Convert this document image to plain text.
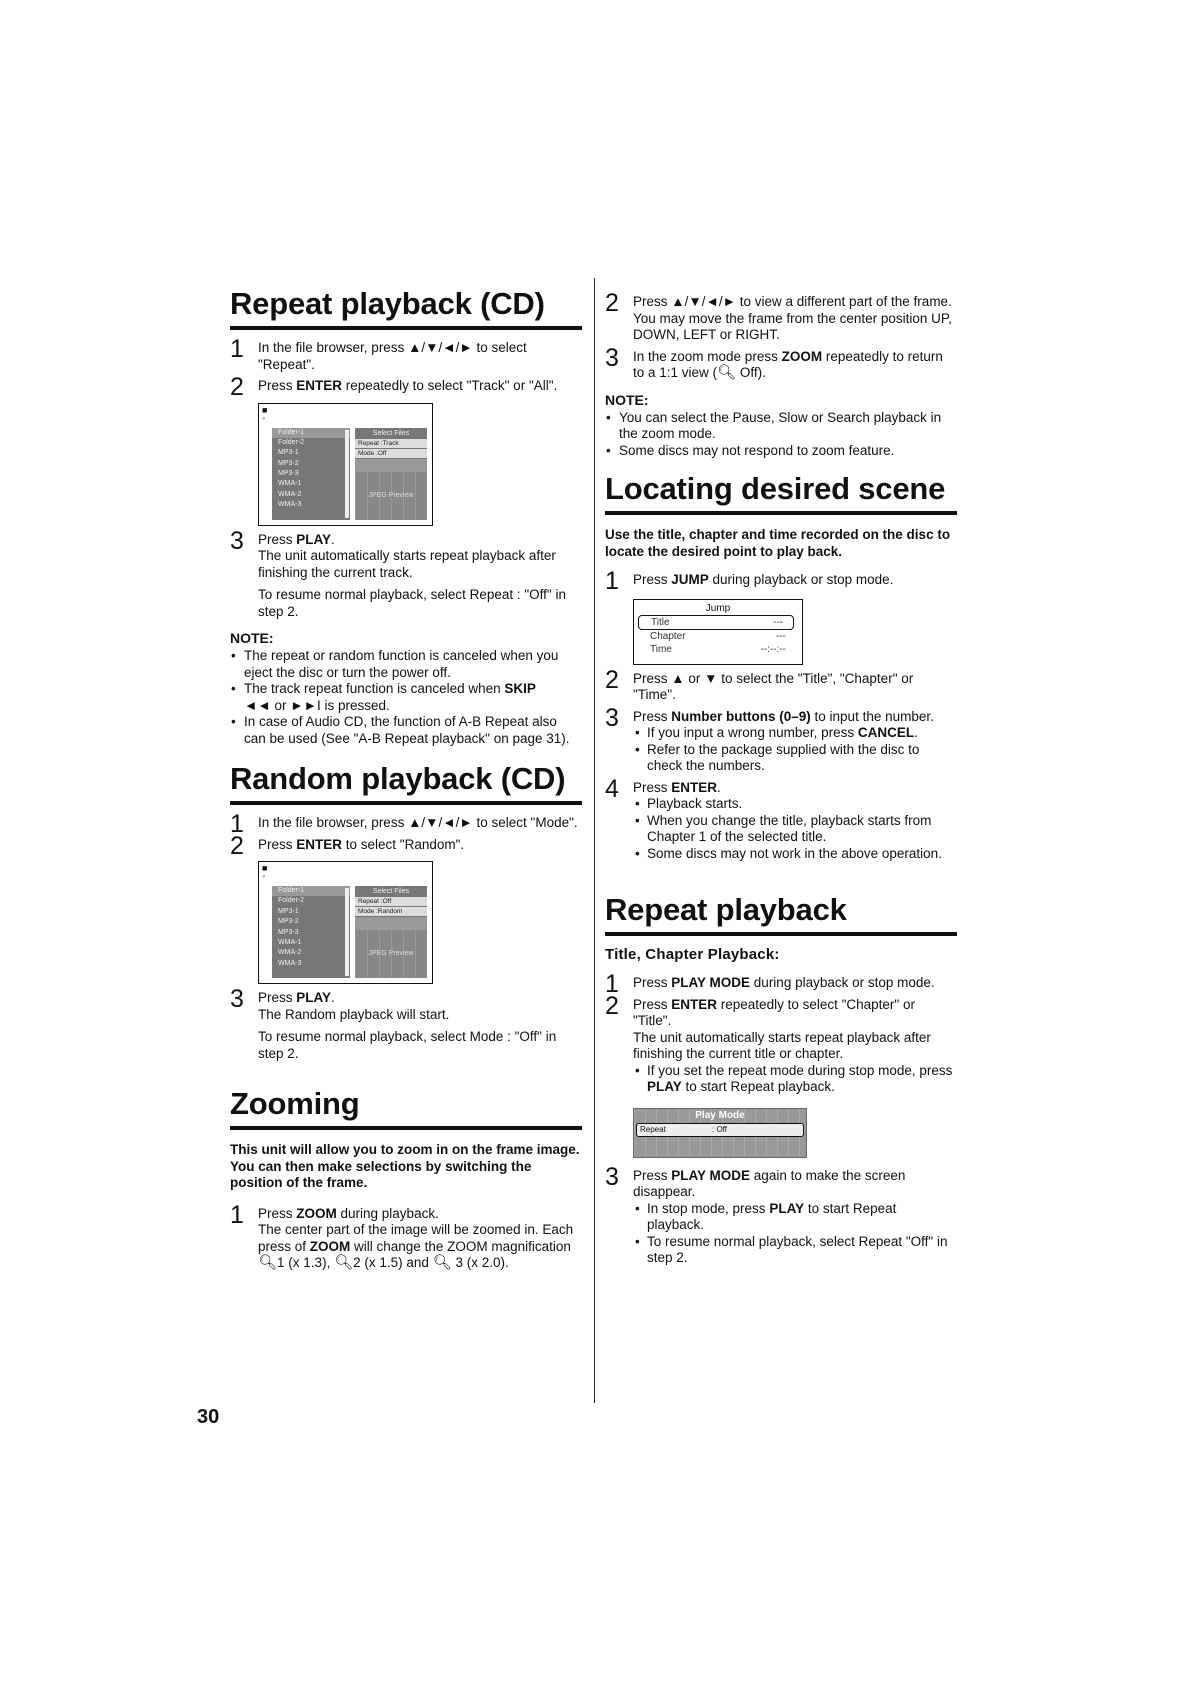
Repeat playback (CD)
1 In the file browser, press ▲/▼/◄/► to select "Repeat".

2 Press ENTER repeatedly to select "Track" or "All".

■
◦
Folder-1
Folder-2
MP3-1
MP3-2
MP3-3
WMA-1
WMA-2
WMA-3
Select Files
Repeat :Track
Mode :Off
JPEG Preview
3 Press PLAY.

The unit automatically starts repeat playback after finishing the current track.

To resume normal playback, select Repeat : "Off" in step 2.

NOTE:
• The repeat or random function is canceled when you eject the disc or turn the power off.
• The track repeat function is canceled when SKIP
◄◄ or ►►I is pressed.
• In case of Audio CD, the function of A-B Repeat also can be used (See "A-B Repeat playback" on page 31).
Random playback (CD)
1 In the file browser, press ▲/▼/◄/► to select "Mode".

2 Press ENTER to select "Random".

■
◦
Folder-1
Folder-2
MP3-1
MP3-2
MP3-3
WMA-1
WMA-2
WMA-3
Select Files
Repeat :Off
Mode :Random
JPEG Preview
3 Press PLAY.

The Random playback will start.

To resume normal playback, select Mode : "Off" in step 2.

Zooming
This unit will allow you to zoom in on the frame image. You can then make selections by switching the position of the frame.
1 Press ZOOM during playback.

The center part of the image will be zoomed in. Each press of ZOOM will change the ZOOM magnification 🔍︎1 (x 1.3), 🔍︎2 (x 1.5) and 🔍︎ 3 (x 2.0).

2 Press ▲/▼/◄/► to view a different part of the frame.

You may move the frame from the center position UP, DOWN, LEFT or RIGHT.

3 In the zoom mode press ZOOM repeatedly to return to a 1:1 view (🔍︎ Off).

NOTE:
• You can select the Pause, Slow or Search playback in the zoom mode.
• Some discs may not respond to zoom feature.
Locating desired scene
Use the title, chapter and time recorded on the disc to locate the desired point to play back.
1 Press JUMP during playback or stop mode.

Jump
Title	---
Chapter	---
Time	--:--:--
2 Press ▲ or ▼ to select the "Title", "Chapter" or "Time".

3 Press Number buttons (0–9) to input the number.

• If you input a wrong number, press CANCEL.
• Refer to the package supplied with the disc to check the numbers.
4 Press ENTER.

• Playback starts.
• When you change the title, playback starts from Chapter 1 of the selected title.
• Some discs may not work in the above operation.
Repeat playback
Title, Chapter Playback:
1 Press PLAY MODE during playback or stop mode.

2 Press ENTER repeatedly to select "Chapter" or "Title".

The unit automatically starts repeat playback after finishing the current title or chapter.

• If you set the repeat mode during stop mode, press PLAY to start Repeat playback.
Play Mode
Repeat	: Off
3 Press PLAY MODE again to make the screen disappear.

• In stop mode, press PLAY to start Repeat playback.
• To resume normal playback, select Repeat "Off" in step 2.
30
